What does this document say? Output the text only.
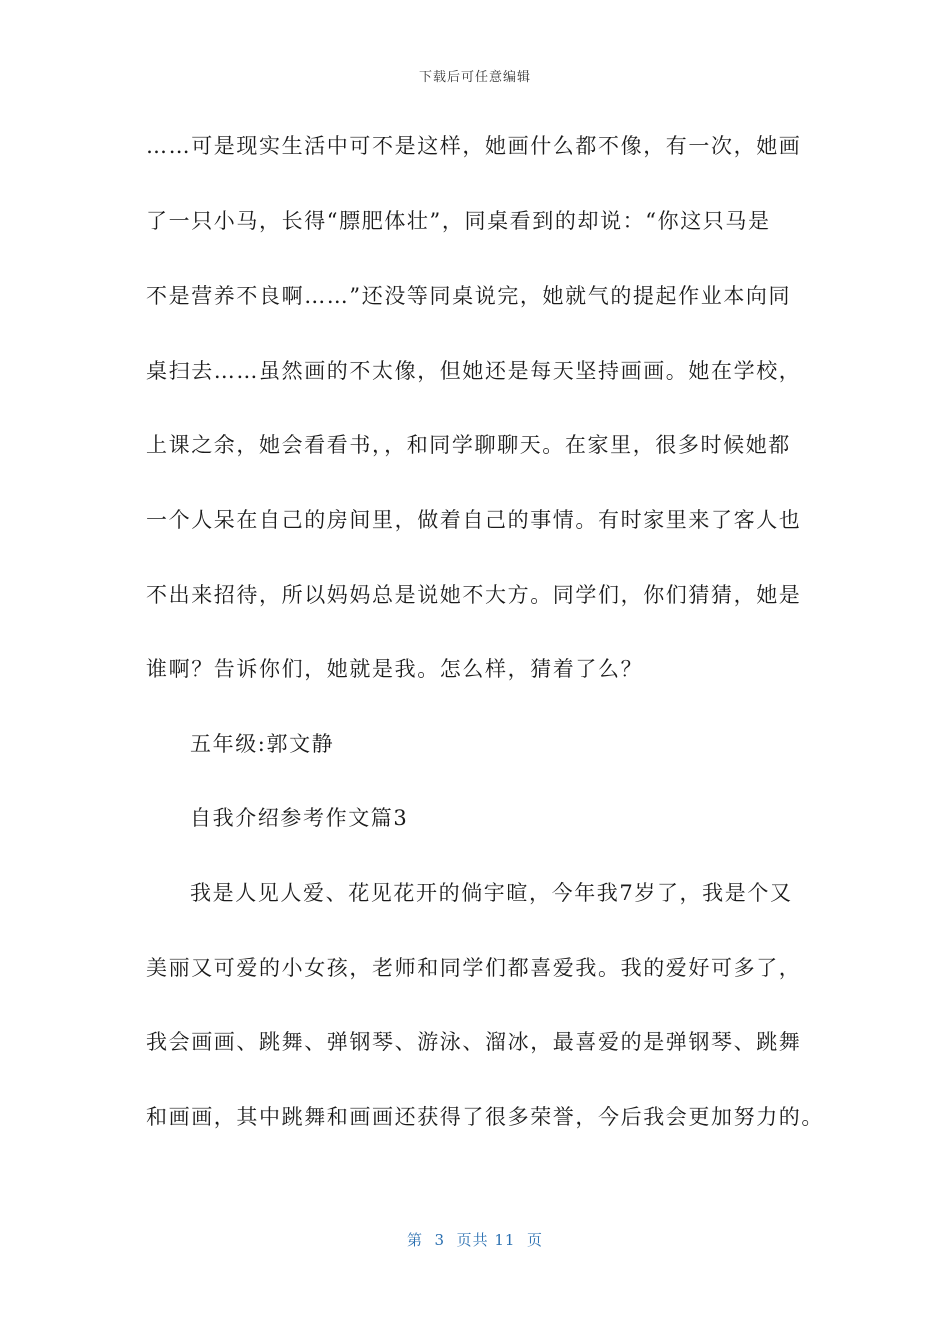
下载后可任意编辑
……可是现实生活中可不是这样，她画什么都不像，有一次，她画
了一只小马，长得“膘肥体壮”，同桌看到的却说：“你这只马是
不是营养不良啊……”还没等同桌说完，她就气的提起作业本向同
桌扫去……虽然画的不太像，但她还是每天坚持画画。她在学校，
上课之余，她会看看书，，和同学聊聊天。在家里，很多时候她都
一个人呆在自己的房间里，做着自己的事情。有时家里来了客人也
不出来招待，所以妈妈总是说她不大方。同学们，你们猜猜，她是
谁啊？告诉你们，她就是我。怎么样，猜着了么？
五年级:郭文静
自我介绍参考作文篇3
我是人见人爱、花见花开的倘宇暄，今年我7岁了，我是个又
美丽又可爱的小女孩，老师和同学们都喜爱我。我的爱好可多了，
我会画画、跳舞、弹钢琴、游泳、溜冰，最喜爱的是弹钢琴、跳舞
和画画，其中跳舞和画画还获得了很多荣誉，今后我会更加努力的。
第  3  页共 11  页
